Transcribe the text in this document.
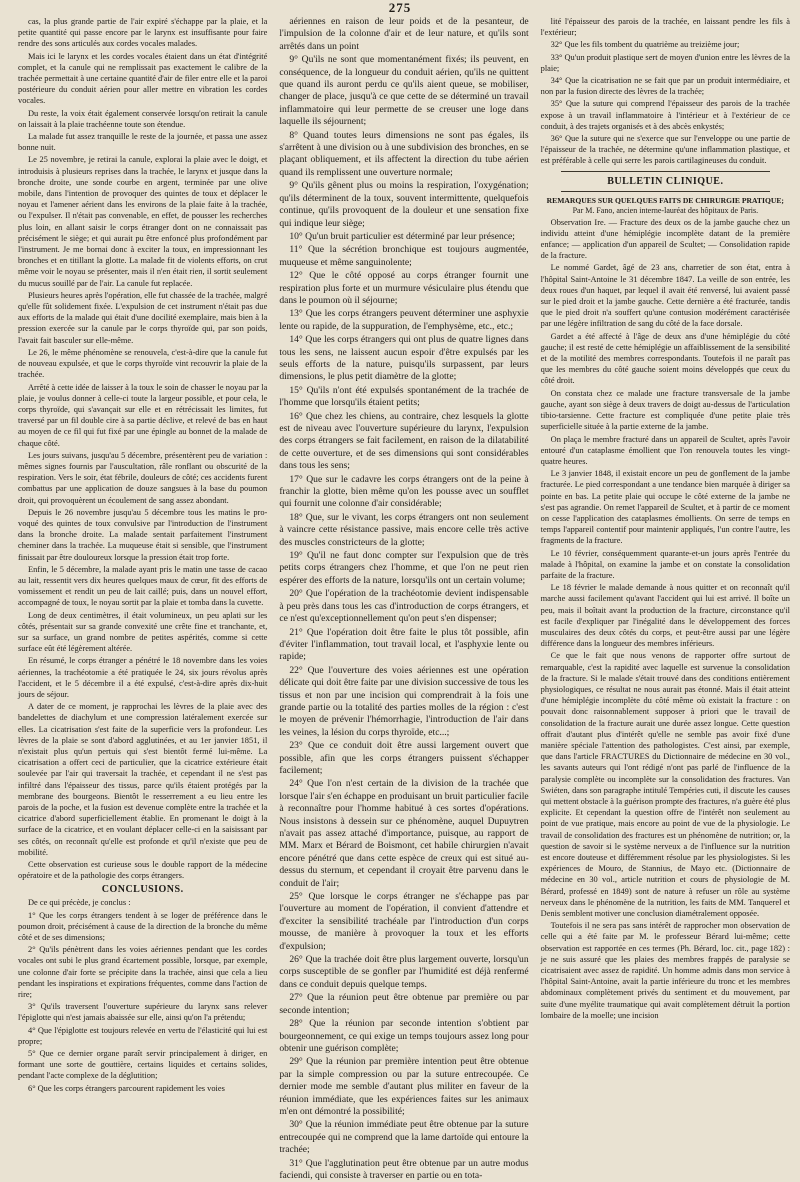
275

cas, la plus grande partie de l'air expiré s'échappe par la plaie, et la petite quantité qui passe encore par le larynx est insuffisante pour faire rendre des sons articulés aux cordes vocales malades.

Mais ici le larynx et les cordes vocales étaient dans un état d'intégrité complet, et la canule qui ne remplissait pas exactement le calibre de la trachée permettait à une certaine quantité d'air de filer entre elle et la paroi postérieure du conduit aérien pour aller mettre en vibration les cordes vocales.

Du reste, la voix était également conservée lorsqu'on retirait la canule on laissait à la plaie trachéenne toute son étendue.

La malade fut assez tranquille le reste de la journée, et passa une assez bonne nuit.

Le 25 novembre, je retirai la canule, explorai la plaie avec le doigt, et introduisis à plusieurs reprises dans la trachée, le larynx et jusque dans la bronche droite, une sonde courbe en argent, terminée par une olive mobile, dans l'intention de provoquer des quintes de toux et déplacer le noyau et l'amener aérient dans les environs de la plaie faite à la trachée, ou l'expulser. Il n'était pas convenable, en effet, de pousser les recherches plus loin, en allant saisir le corps étranger dont on ne connaissait pas précisément le siège; et qui aurait pu être enfoncé plus profondément par l'instrument. Je me bornai donc à exciter la toux, en impressionnant les bronches et en titillant la glotte. La malade fit de violents efforts, on crut même voir le noyau se présenter, mais il n'en était rien, il sortit seulement du mucus souillé par de l'air. La canule fut replacée.

Plusieurs heures après l'opération, elle fut chassée de la trachée, malgré qu'elle fût solidement fixée. L'expulsion de cet instrument n'était pas due aux efforts de la malade qui était d'une docilité exemplaire, mais bien à la pression exercée sur la canule par le corps thyroïde qui, par son poids, l'avait fait basculer sur elle-même.

Le 26, le même phénomène se renouvela, c'est-à-dire que la canule fut de nouveau expulsée, et que le corps thyroïde vint recouvrir la plaie de la trachée.

Arrêté à cette idée de laisser à la toux le soin de chasser le noyau par la plaie, je voulus donner à celle-ci toute la largeur possible, et pour cela, le corps thyroïde, qui s'avançait sur elle et en rétrécissait les limites, fut traversé par un fil double cire à sa partie déclive, et relevé de bas en haut au moyen de ce fil qui fut fixé par une épingle au bonnet de la malade de chaque côté.

Les jours suivans, jusqu'au 5 décembre, présentèrent peu de variation : mêmes signes fournis par l'auscultation, râle ronflant ou obscurité de la respiration. Vers le soir, état fébrile, douleurs de côté; ces accidents furent combattus par une application de douze sangsues à la base du poumon droit, qui provoquèrent un écoulement de sang assez abondant.

Depuis le 26 novembre jusqu'au 5 décembre tous les matins le pro-voqué des quintes de toux convulsive par l'introduction de l'instrument dans la bronche droite. La malade sentait parfaitement l'instrument cheminer dans la trachée. La muqueuse était si sensible, que l'instrument finissait par être douloureux lorsque la pression était trop forte.

Enfin, le 5 décembre, la malade ayant pris le matin une tasse de cacao au lait, ressentit vers dix heures quelques maux de cœur, fit des efforts de vomissement et rendit un peu de lait caillé; puis, dans un nouvel effort, accompagné de toux, le noyau sortit par la plaie et tomba dans la cuvette.

Long de deux centimètres, il était volumineux, un peu aplati sur les côtés, présentait sur sa grande convexité une crête fine et tranchante, et, sur sa surface, un grand nombre de petites aspérités, comme si cette surface eût été légèrement altérée.

En résumé, le corps étranger a pénétré le 18 novembre dans les voies aériennes, la trachéotomie a été pratiquée le 24, six jours révolus après l'accident, et le 5 décembre il a été expulsé, c'est-à-dire après dix-huit jours de séjour.

A dater de ce moment, je rapprochai les lèvres de la plaie avec des bandelettes de diachylum et une compression latéralement exercée sur elles. La cicatrisation s'est faite de la superficie vers la profondeur. Les lèvres de la plaie se sont d'abord agglutinées, et au 1er janvier 1851, il n'existait plus qu'un pertuis qui s'est bientôt fermé lui-même. La cicatrisation a offert ceci de particulier, que la cicatrice extérieure était soulevée par l'air qui traversait la trachée, et cependant il ne s'est pas infiltré dans l'épaisseur des tissus, parce qu'ils étaient protégés par la membrane des bourgeons. Bientôt le resserrement a eu lieu entre les parois de la poche, et la fusion est devenue complète entre la trachée et la cicatrice d'abord superficiellement établie. En promenant le doigt à la surface de la cicatrice, et en voulant déplacer celle-ci en la saisissant par ses côtés, on reconnaît qu'elle est profonde et qu'il n'existe que peu de mobilité.

Cette observation est curieuse sous le double rapport de la médecine opératoire et de la pathologie des corps étrangers.

CONCLUSIONS.

De ce qui précède, je conclus :

1° Que les corps étrangers tendent à se loger de préférence dans le poumon droit, précisément à cause de la direction de la bronche du même côté et de ses dimensions;

2° Qu'ils pénètrent dans les voies aériennes pendant que les cordes vocales ont subi le plus grand écartement possible, lorsque, par exemple, une colonne d'air forte se précipite dans la trachée, ainsi que cela a lieu pendant les inspirations et expirations fréquentes, comme dans l'action de rire;

3° Qu'ils traversent l'ouverture supérieure du larynx sans relever l'épiglotte qui n'est jamais abaissée sur elle, ainsi qu'on l'a prétendu;

4° Que l'épiglotte est toujours relevée en vertu de l'élasticité qui lui est propre;

5° Que ce dernier organe paraît servir principalement à diriger, en formant une sorte de gouttière, certains liquides et certains solides, pendant l'acte complexe de la déglutition;

6° Que les corps étrangers parcourent rapidement les voies

aériennes en raison de leur poids et de la pesanteur, de l'impulsion de la colonne d'air et de leur nature, et qu'ils sont arrêtés dans un point

9° Qu'ils ne sont que momentanément fixés; ils peuvent, en conséquence, de la longueur du conduit aérien, qu'ils ne quittent que quand ils auront perdu ce qu'ils aient queue, se mobiliser, changer de place, jusqu'à ce que cette de se déterminé un travail inflammatoire qui leur permette de se creuser une loge dans laquelle ils séjournent;

8° Quand toutes leurs dimensions ne sont pas égales, ils s'arrêtent à une division ou à une subdivision des bronches, en se plaçant obliquement, et ils affectent la direction du tube aérien quand ils remplissent une ouverture normale;

9° Qu'ils gênent plus ou moins la respiration, l'oxygénation; qu'ils déterminent de la toux, souvent intermittente, quelquefois continue, qu'ils provoquent de la douleur et une sensation fixe qui indique leur siège;

10° Qu'un bruit particulier est déterminé par leur présence;

11° Que la sécrétion bronchique est toujours augmentée, muqueuse et même sanguinolente;

12° Que le côté opposé au corps étranger fournit une respiration plus forte et un murmure vésiculaire plus étendu que dans le poumon où il séjourne;

13° Que les corps étrangers peuvent déterminer une asphyxie lente ou rapide, de la suppuration, de l'emphysème, etc., etc.;

14° Que les corps étrangers qui ont plus de quatre lignes dans tous les sens, ne laissent aucun espoir d'être expulsés par les seuls efforts de la nature, puisqu'ils surpassent, par leurs dimensions, le plus petit diamètre de la glotte;

15° Qu'ils n'ont été expulsés spontanément de la trachée de l'homme que lorsqu'ils étaient petits;

16° Que chez les chiens, au contraire, chez lesquels la glotte est de niveau avec l'ouverture supérieure du larynx, l'expulsion des corps étrangers se fait facilement, en raison de la dilatabilité de cette ouverture, et de ses dimensions qui sont considérables dans tous les sens;

17° Que sur le cadavre les corps étrangers ont de la peine à franchir la glotte, bien même qu'on les pousse avec un soufflet qui fournit une colonne d'air considérable;

18° Que, sur le vivant, les corps étrangers ont non seulement à vaincre cette résistance passive, mais encore celle très active des muscles constricteurs de la glotte;

19° Qu'il ne faut donc compter sur l'expulsion que de très petits corps étrangers chez l'homme, et que l'on ne peut rien espérer des efforts de la nature, lorsqu'ils ont un certain volume;

20° Que l'opération de la trachéotomie devient indispensable à peu près dans tous les cas d'introduction de corps étrangers, et ce n'est qu'exceptionnellement qu'on peut s'en dispenser;

21° Que l'opération doit être faite le plus tôt possible, afin d'éviter l'inflammation, tout travail local, et l'asphyxie lente ou rapide;

22° Que l'ouverture des voies aériennes est une opération délicate qui doit être faite par une division successive de tous les tissus et non par une incision qui comprendrait à la fois une grande partie ou la totalité des parties molles de la région : c'est le moyen de prévenir l'hémorrhagie, l'introduction de l'air dans les veines, la lésion du corps thyroïde, etc...;

23° Que ce conduit doit être aussi largement ouvert que possible, afin que les corps étrangers puissent s'échapper facilement;

24° Que l'on n'est certain de la division de la trachée que lorsque l'air s'en échappe en produisant un bruit particulier facile à reconnaître pour l'homme habitué à ces sortes d'opérations. Nous insistons à dessein sur ce phénomène, auquel Dupuytren n'avait pas assez attaché d'importance, puisque, au rapport de MM. Marx et Bérard de Boismont, cet habile chirurgien n'avait encore pénétré que dans cette espèce de creux qui est situé au-dessus du sternum, et cependant il croyait être parvenu dans le conduit de l'air;

25° Que lorsque le corps étranger ne s'échappe pas par l'ouverture au moment de l'opération, il convient d'attendre et d'exciter la sensibilité trachéale par l'introduction d'un corps mousse, de manière à provoquer la toux et les efforts d'expulsion;

26° Que la trachée doit être plus largement ouverte, lorsqu'un corps susceptible de se gonfler par l'humidité est déjà renfermé dans ce conduit depuis quelque temps.

27° Que la réunion peut être obtenue par première ou par seconde intention;

28° Que la réunion par seconde intention s'obtient par bourgeonnement, ce qui exige un temps toujours assez long pour obtenir une guérison complète;

29° Que la réunion par première intention peut être obtenue par la simple compression ou par la suture entrecoupée. Ce dernier mode me semble d'autant plus militer en faveur de la réunion immédiate, que les expériences faites sur les animaux m'en ont démontré la possibilité;

30° Que la réunion immédiate peut être obtenue par la suture entrecoupée qui ne comprend que la lame dartoïde qui entoure la trachée;

31° Que l'agglutination peut être obtenue par un autre modus faciendi, qui consiste à traverser en partie ou en tota-

lité l'épaisseur des parois de la trachée, en laissant pendre les fils à l'extérieur;

32° Que les fils tombent du quatrième au treizième jour;

33° Qu'un produit plastique sert de moyen d'union entre les lèvres de la plaie;

34° Que la cicatrisation ne se fait que par un produit intermédiaire, et non par la fusion directe des lèvres de la trachée;

35° Que la suture qui comprend l'épaisseur des parois de la trachée expose à un travail inflammatoire à l'intérieur et à l'extérieur de ce conduit, à des trajets organisés et à des abcès enkystés;

36° Que la suture qui ne s'exerce que sur l'enveloppe ou une partie de l'épaisseur de la trachée, ne détermine qu'une inflammation plastique, et est préférable à celle qui serre les parois cartilagineuses du conduit.

BULLETIN CLINIQUE.
REMARQUES SUR QUELQUES FAITS DE CHIRURGIE PRATIQUE;
Par M. Fano, ancien interne-lauréat des hôpitaux de Paris.

Observation Ire. — Fracture des deux os de la jambe gauche chez un individu atteint d'une hémiplégie incomplète datant de la première enfance; — application d'un appareil de Scultet; — Consolidation rapide de la fracture.

Le nommé Gardet, âgé de 23 ans, charretier de son état, entra à l'hôpital Saint-Antoine le 31 décembre 1847. La veille de son entrée, les deux roues d'un haquet, par lequel il avait été renversé, lui avaient passé sur le pied droit et la jambe gauche. Cette dernière a été fracturée, tandis que le pied droit n'a souffert qu'une contusion modérément caractérisée par une légère infiltration de sang du côté de la face dorsale.

Gardet a été affecté à l'âge de deux ans d'une hémiplégie du côté gauche; il est resté de cette hémiplégie un affaiblissement de la sensibilité et de la motilité des membres correspondants. Toutefois il ne paraît pas que les membres du côté gauche soient moins développés que ceux du côté droit.

On constata chez ce malade une fracture transversale de la jambe gauche, ayant son siège à deux travers de doigt au-dessus de l'articulation tibio-tarsienne. Cette fracture est compliquée d'une petite plaie très superficielle située à la partie externe de la jambe.

On plaça le membre fracturé dans un appareil de Scultet, après l'avoir entouré d'un cataplasme émollient que l'on renouvela toutes les vingt-quatre heures.

Le 3 janvier 1848, il existait encore un peu de gonflement de la jambe fracturée. Le pied correspondant a une tendance bien marquée à diriger sa pointe en bas. La petite plaie qui occupe le côté externe de la jambe ne s'est pas agrandie. On remet l'appareil de Scultet, et à partir de ce moment on cesse l'application des cataplasmes émollients. On serre de temps en temps l'appareil contentif pour maintenir appliqués, l'un contre l'autre, les fragments de la fracture.

Le 10 février, conséquemment quarante-et-un jours après l'entrée du malade à l'hôpital, on examine la jambe et on constate la consolidation parfaite de la fracture.

Le 18 février le malade demande à nous quitter et on reconnaît qu'il marche aussi facilement qu'avant l'accident qui lui est arrivé. Il boîte un peu, mais il boîtait avant la production de la fracture, circonstance qu'il est facile d'expliquer par l'inégalité dans le développement des forces musculaires des deux côtés du corps, et peut-être aussi par une légère différence dans la longueur des membres inférieurs.

Ce que le fait que nous venons de rapporter offre surtout de remarquable, c'est la rapidité avec laquelle est survenue la consolidation de la fracture. Si le malade s'était trouvé dans des conditions entièrement physiologiques, ce résultat ne nous aurait pas étonné. Mais il était atteint d'une hémiplégie incomplète du côté même où existait la fracture : on pouvait donc raisonnablement supposer à priori que le travail de consolidation de la fracture aurait une durée assez longue. Cette question offrait d'autant plus d'intérêt qu'elle ne semble pas avoir fixé d'une manière spéciale l'attention des pathologistes. C'est ainsi, par exemple, que dans l'article FRACTURES du Dictionnaire de médecine en 30 vol., les savants auteurs qui l'ont rédigé n'ont pas parlé de l'influence de la paralysie complète ou incomplète sur la consolidation des fractures. Van Swiéten, dans son paragraphe intitulé Tempéries cuti, il discute les causes qui mettent obstacle à la guérison prompte des fractures, n'a guère été plus explicite. Et cependant la question offre de l'intérêt non seulement au point de vue pratique, mais encore au point de vue de la physiologie. Le travail de consolidation des fractures est un phénomène de nutrition; or, la question de savoir si le système nerveux a de l'influence sur la nutrition est encore douteuse et différemment résolue par les physiologistes. Si les expériences de Mouro, de Stannius, de Mayo etc. (Dictionnaire de médecine en 30 vol., article nutrition et cours de physiologie de M. Bérard, professé en 1849) sont de nature à refuser un rôle au système nerveux dans le phénomène de la nutrition, les faits de MM. Tanquerel et Denis semblent motiver une conclusion diamétralement opposée.

Toutefois il ne sera pas sans intérêt de rapprocher mon observation de celle qui a été faite par M. le professeur Bérard lui-même; cette observation est rapportée en ces termes (Ph. Bérard, loc. cit., page 182) : je ne suis assuré que les plaies des membres frappés de paralysie se cicatrisaient avec assez de rapidité. Un homme admis dans mon service à l'hôpital Saint-Antoine, avait la partie inférieure du tronc et les membres abdominaux complètement privés du sentiment et du mouvement, par suite d'une myélite traumatique qui avait complètement détruit la portion lombaire de la moelle; une incision
